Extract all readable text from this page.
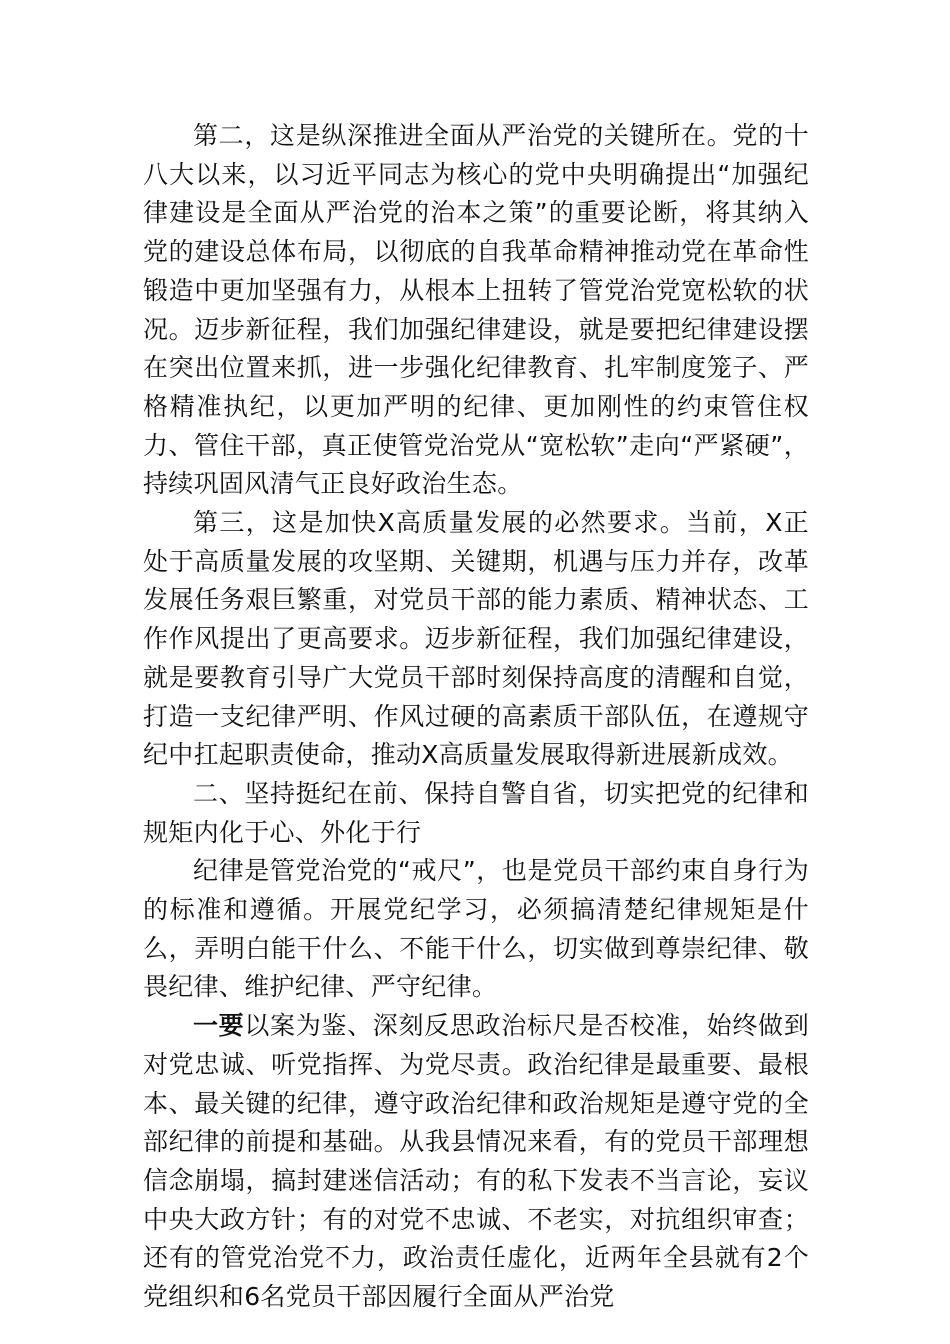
第二，这是纵深推进全面从严治党的关键所在。党的十八大以来，以习近平同志为核心的党中央明确提出“加强纪律建设是全面从严治党的治本之策”的重要论断，将其纳入党的建设总体布局，以彻底的自我革命精神推动党在革命性锻造中更加坚强有力，从根本上扭转了管党治党宽松软的状况。迈步新征程，我们加强纪律建设，就是要把纪律建设摆在突出位置来抓，进一步强化纪律教育、扎牢制度笼子、严格精准执纪，以更加严明的纪律、更加刚性的约束管住权力、管住干部，真正使管党治党从“宽松软”走向“严紧硬”，持续巩固风清气正良好政治生态。

第三，这是加快X高质量发展的必然要求。当前，X正处于高质量发展的攻坚期、关键期，机遇与压力并存，改革发展任务艰巨繁重，对党员干部的能力素质、精神状态、工作作风提出了更高要求。迈步新征程，我们加强纪律建设，就是要教育引导广大党员干部时刻保持高度的清醒和自觉，打造一支纪律严明、作风过硬的高素质干部队伍，在遵规守纪中扛起职责使命，推动X高质量发展取得新进展新成效。

二、坚持挺纪在前、保持自警自省，切实把党的纪律和规矩内化于心、外化于行

纪律是管党治党的“戒尺”，也是党员干部约束自身行为的标准和遵循。开展党纪学习，必须搞清楚纪律规矩是什么，弄明白能干什么、不能干什么，切实做到尊崇纪律、敬畏纪律、维护纪律、严守纪律。

一要以案为鉴、深刻反思政治标尺是否校准，始终做到对党忠诚、听党指挥、为党尽责。政治纪律是最重要、最根本、最关键的纪律，遵守政治纪律和政治规矩是遵守党的全部纪律的前提和基础。从我县情况来看，有的党员干部理想信念崩塌，搞封建迷信活动；有的私下发表不当言论，妄议中央大政方针；有的对党不忠诚、不老实，对抗组织审查；还有的管党治党不力，政治责任虚化，近两年全县就有2个党组织和6名党员干部因履行全面从严治党
